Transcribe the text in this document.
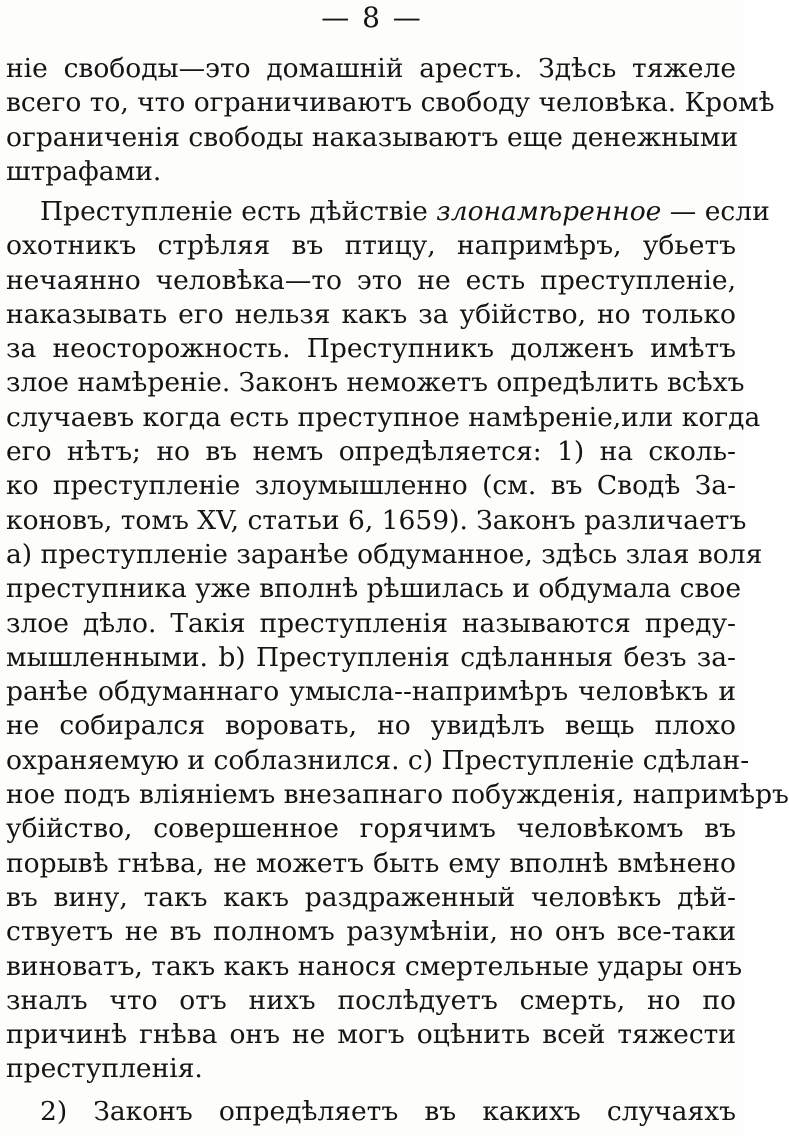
— 8 —
нie свободы—это домашнiй арестъ. Здѣсь тяжеле
всего то, что ограничиваютъ свободу человѣка. Кромѣ
ограниченiя свободы наказываютъ еще денежными
штрафами.
Преступленiе есть дѣйствiе злонамѣренное — если
охотникъ стрѣляя въ птицу, напримѣръ, убьетъ
нечаянно человѣка—то это не есть преступленiе,
наказывать его нельзя какъ за убiйство, но только
за неосторожность. Преступникъ долженъ имѣтъ
злое намѣренiе. Законъ неможетъ опредѣлить всѣхъ
случаевъ когда есть преступное намѣренiе,или когда
его нѣтъ; но въ немъ опредѣляется: 1) на сколь-
ко преступленiе злоумышленно (см. въ Сводѣ За-
коновъ, томъ XV, статьи 6, 1659). Законъ различаетъ
а) преступленiе заранѣе обдуманное, здѣсь злая воля
преступника уже вполнѣ рѣшилась и обдумала свое
злое дѣло. Такiя преступленiя называются преду-
мышленными. b) Преступленiя сдѣланныя безъ за-
ранѣе обдуманнаго умысла--напримѣръ человѣкъ и
не собирался воровать, но увидѣлъ вещь плохо
охраняемую и соблазнился. с) Преступленiе сдѣлан-
ное подъ влiянiемъ внезапнаго побужденiя, напримѣръ
убiйство, совершенное горячимъ человѣкомъ въ
порывѣ гнѣва, не можетъ быть ему вполнѣ вмѣнено
въ вину, такъ какъ раздраженный человѣкъ дѣй-
ствуетъ не въ полномъ разумѣнiи, но онъ все-таки
виноватъ, такъ какъ нанося смертельные удары онъ
зналъ что отъ нихъ послѣдуетъ смерть, но по
причинѣ гнѣва онъ не могъ оцѣнить всей тяжести
преступленiя.
2) Законъ опредѣляетъ въ какихъ случаяхъ
